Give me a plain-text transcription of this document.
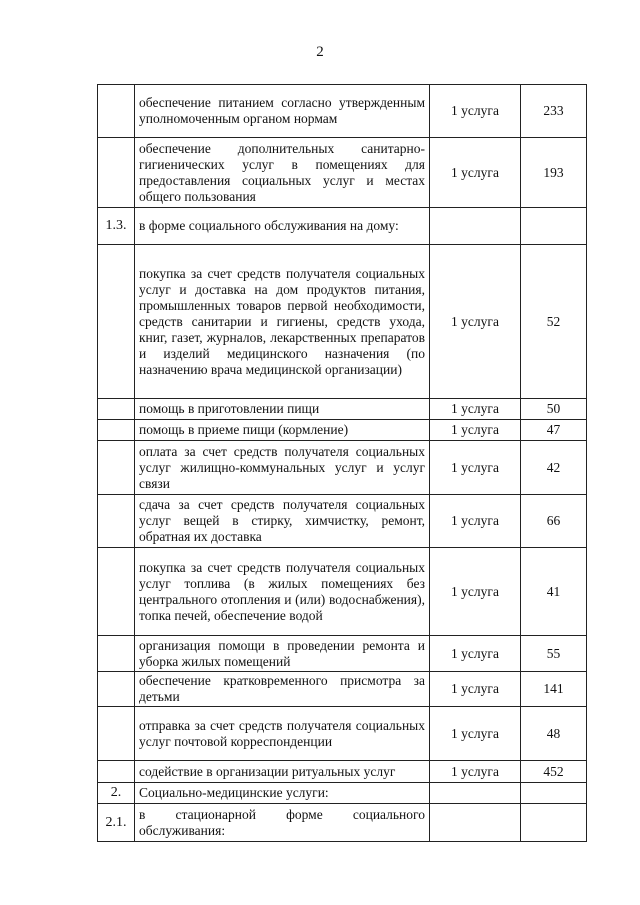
2
	обеспечение питанием согласно утвержденным уполномоченным органом нормам	1 услуга	233
	обеспечение дополнительных санитарно-гигиенических услуг в помещениях для предоставления социальных услуг и местах общего пользования	1 услуга	193
1.3.	в форме социального обслуживания на дому:		
	покупка за счет средств получателя социальных услуг и доставка на дом продуктов питания, промышленных товаров первой необходимости, средств санитарии и гигиены, средств ухода, книг, газет, журналов, лекарственных препаратов и изделий медицинского назначения (по назначению врача медицинской организации)	1 услуга	52
	помощь в приготовлении пищи	1 услуга	50
	помощь в приеме пищи (кормление)	1 услуга	47
	оплата за счет средств получателя социальных услуг жилищно-коммунальных услуг и услуг связи	1 услуга	42
	сдача за счет средств получателя социальных услуг вещей в стирку, химчистку, ремонт, обратная их доставка	1 услуга	66
	покупка за счет средств получателя социальных услуг топлива (в жилых помещениях без центрального отопления и (или) водоснабжения), топка печей, обеспечение водой	1 услуга	41
	организация помощи в проведении ремонта и уборка жилых помещений	1 услуга	55
	обеспечение кратковременного присмотра за детьми	1 услуга	141
	отправка за счет средств получателя социальных услуг почтовой корреспонденции	1 услуга	48
	содействие в организации ритуальных услуг	1 услуга	452
2.	Социально-медицинские услуги:		
2.1.	в стационарной форме социального обслуживания:		
